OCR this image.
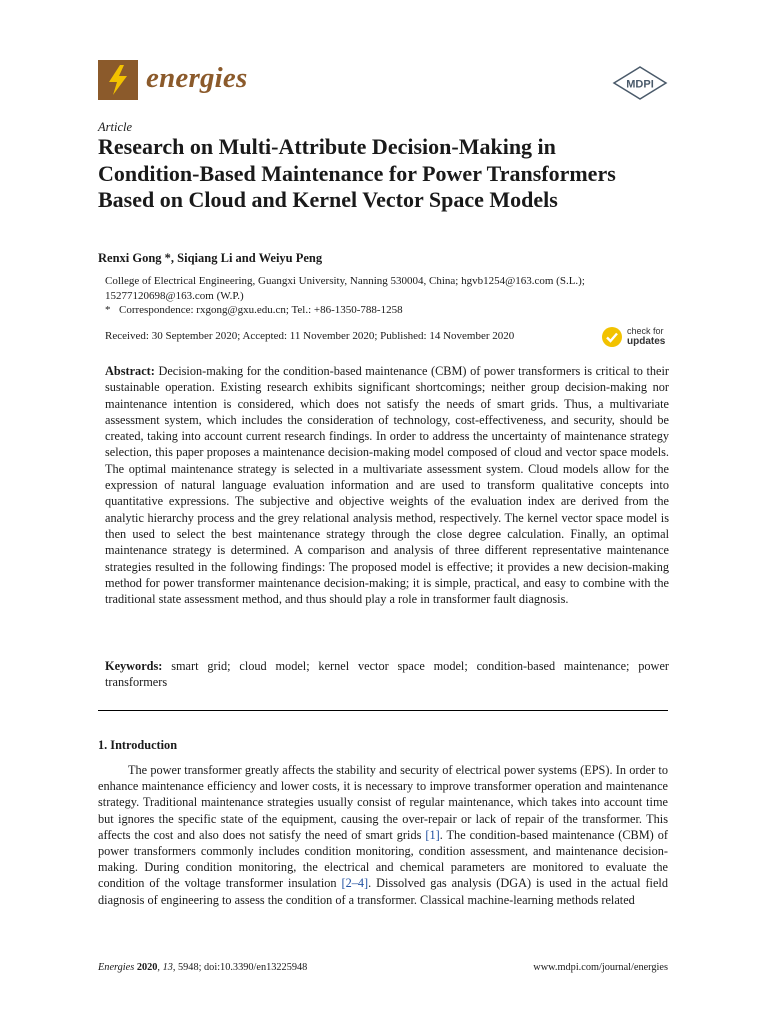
energies	MDPI
Article
Research on Multi-Attribute Decision-Making in Condition-Based Maintenance for Power Transformers Based on Cloud and Kernel Vector Space Models
Renxi Gong *, Siqiang Li and Weiyu Peng
College of Electrical Engineering, Guangxi University, Nanning 530004, China; hgvb1254@163.com (S.L.); 15277120698@163.com (W.P.)
* Correspondence: rxgong@gxu.edu.cn; Tel.: +86-1350-788-1258
Received: 30 September 2020; Accepted: 11 November 2020; Published: 14 November 2020	check for
updates

Abstract: Decision-making for the condition-based maintenance (CBM) of power transformers is critical to their sustainable operation. Existing research exhibits significant shortcomings; neither group decision-making nor maintenance intention is considered, which does not satisfy the needs of smart grids. Thus, a multivariate assessment system, which includes the consideration of technology, cost-effectiveness, and security, should be created, taking into account current research findings. In order to address the uncertainty of maintenance strategy selection, this paper proposes a maintenance decision-making model composed of cloud and vector space models. The optimal maintenance strategy is selected in a multivariate assessment system. Cloud models allow for the expression of natural language evaluation information and are used to transform qualitative concepts into quantitative expressions. The subjective and objective weights of the evaluation index are derived from the analytic hierarchy process and the grey relational analysis method, respectively. The kernel vector space model is then used to select the best maintenance strategy through the close degree calculation. Finally, an optimal maintenance strategy is determined. A comparison and analysis of three different representative maintenance strategies resulted in the following findings: The proposed model is effective; it provides a new decision-making method for power transformer maintenance decision-making; it is simple, practical, and easy to combine with the traditional state assessment method, and thus should play a role in transformer fault diagnosis.

Keywords: smart grid; cloud model; kernel vector space model; condition-based maintenance; power transformers

1. Introduction

The power transformer greatly affects the stability and security of electrical power systems (EPS). In order to enhance maintenance efficiency and lower costs, it is necessary to improve transformer operation and maintenance strategy. Traditional maintenance strategies usually consist of regular maintenance, which takes into account time but ignores the specific state of the equipment, causing the over-repair or lack of repair of the transformer. This affects the cost and also does not satisfy the need of smart grids [1]. The condition-based maintenance (CBM) of power transformers commonly includes condition monitoring, condition assessment, and maintenance decision-making. During condition monitoring, the electrical and chemical parameters are monitored to evaluate the condition of the voltage transformer insulation [2–4]. Dissolved gas analysis (DGA) is used in the actual field diagnosis of engineering to assess the condition of a transformer. Classical machine-learning methods related

Energies 2020, 13, 5948; doi:10.3390/en13225948	www.mdpi.com/journal/energies
